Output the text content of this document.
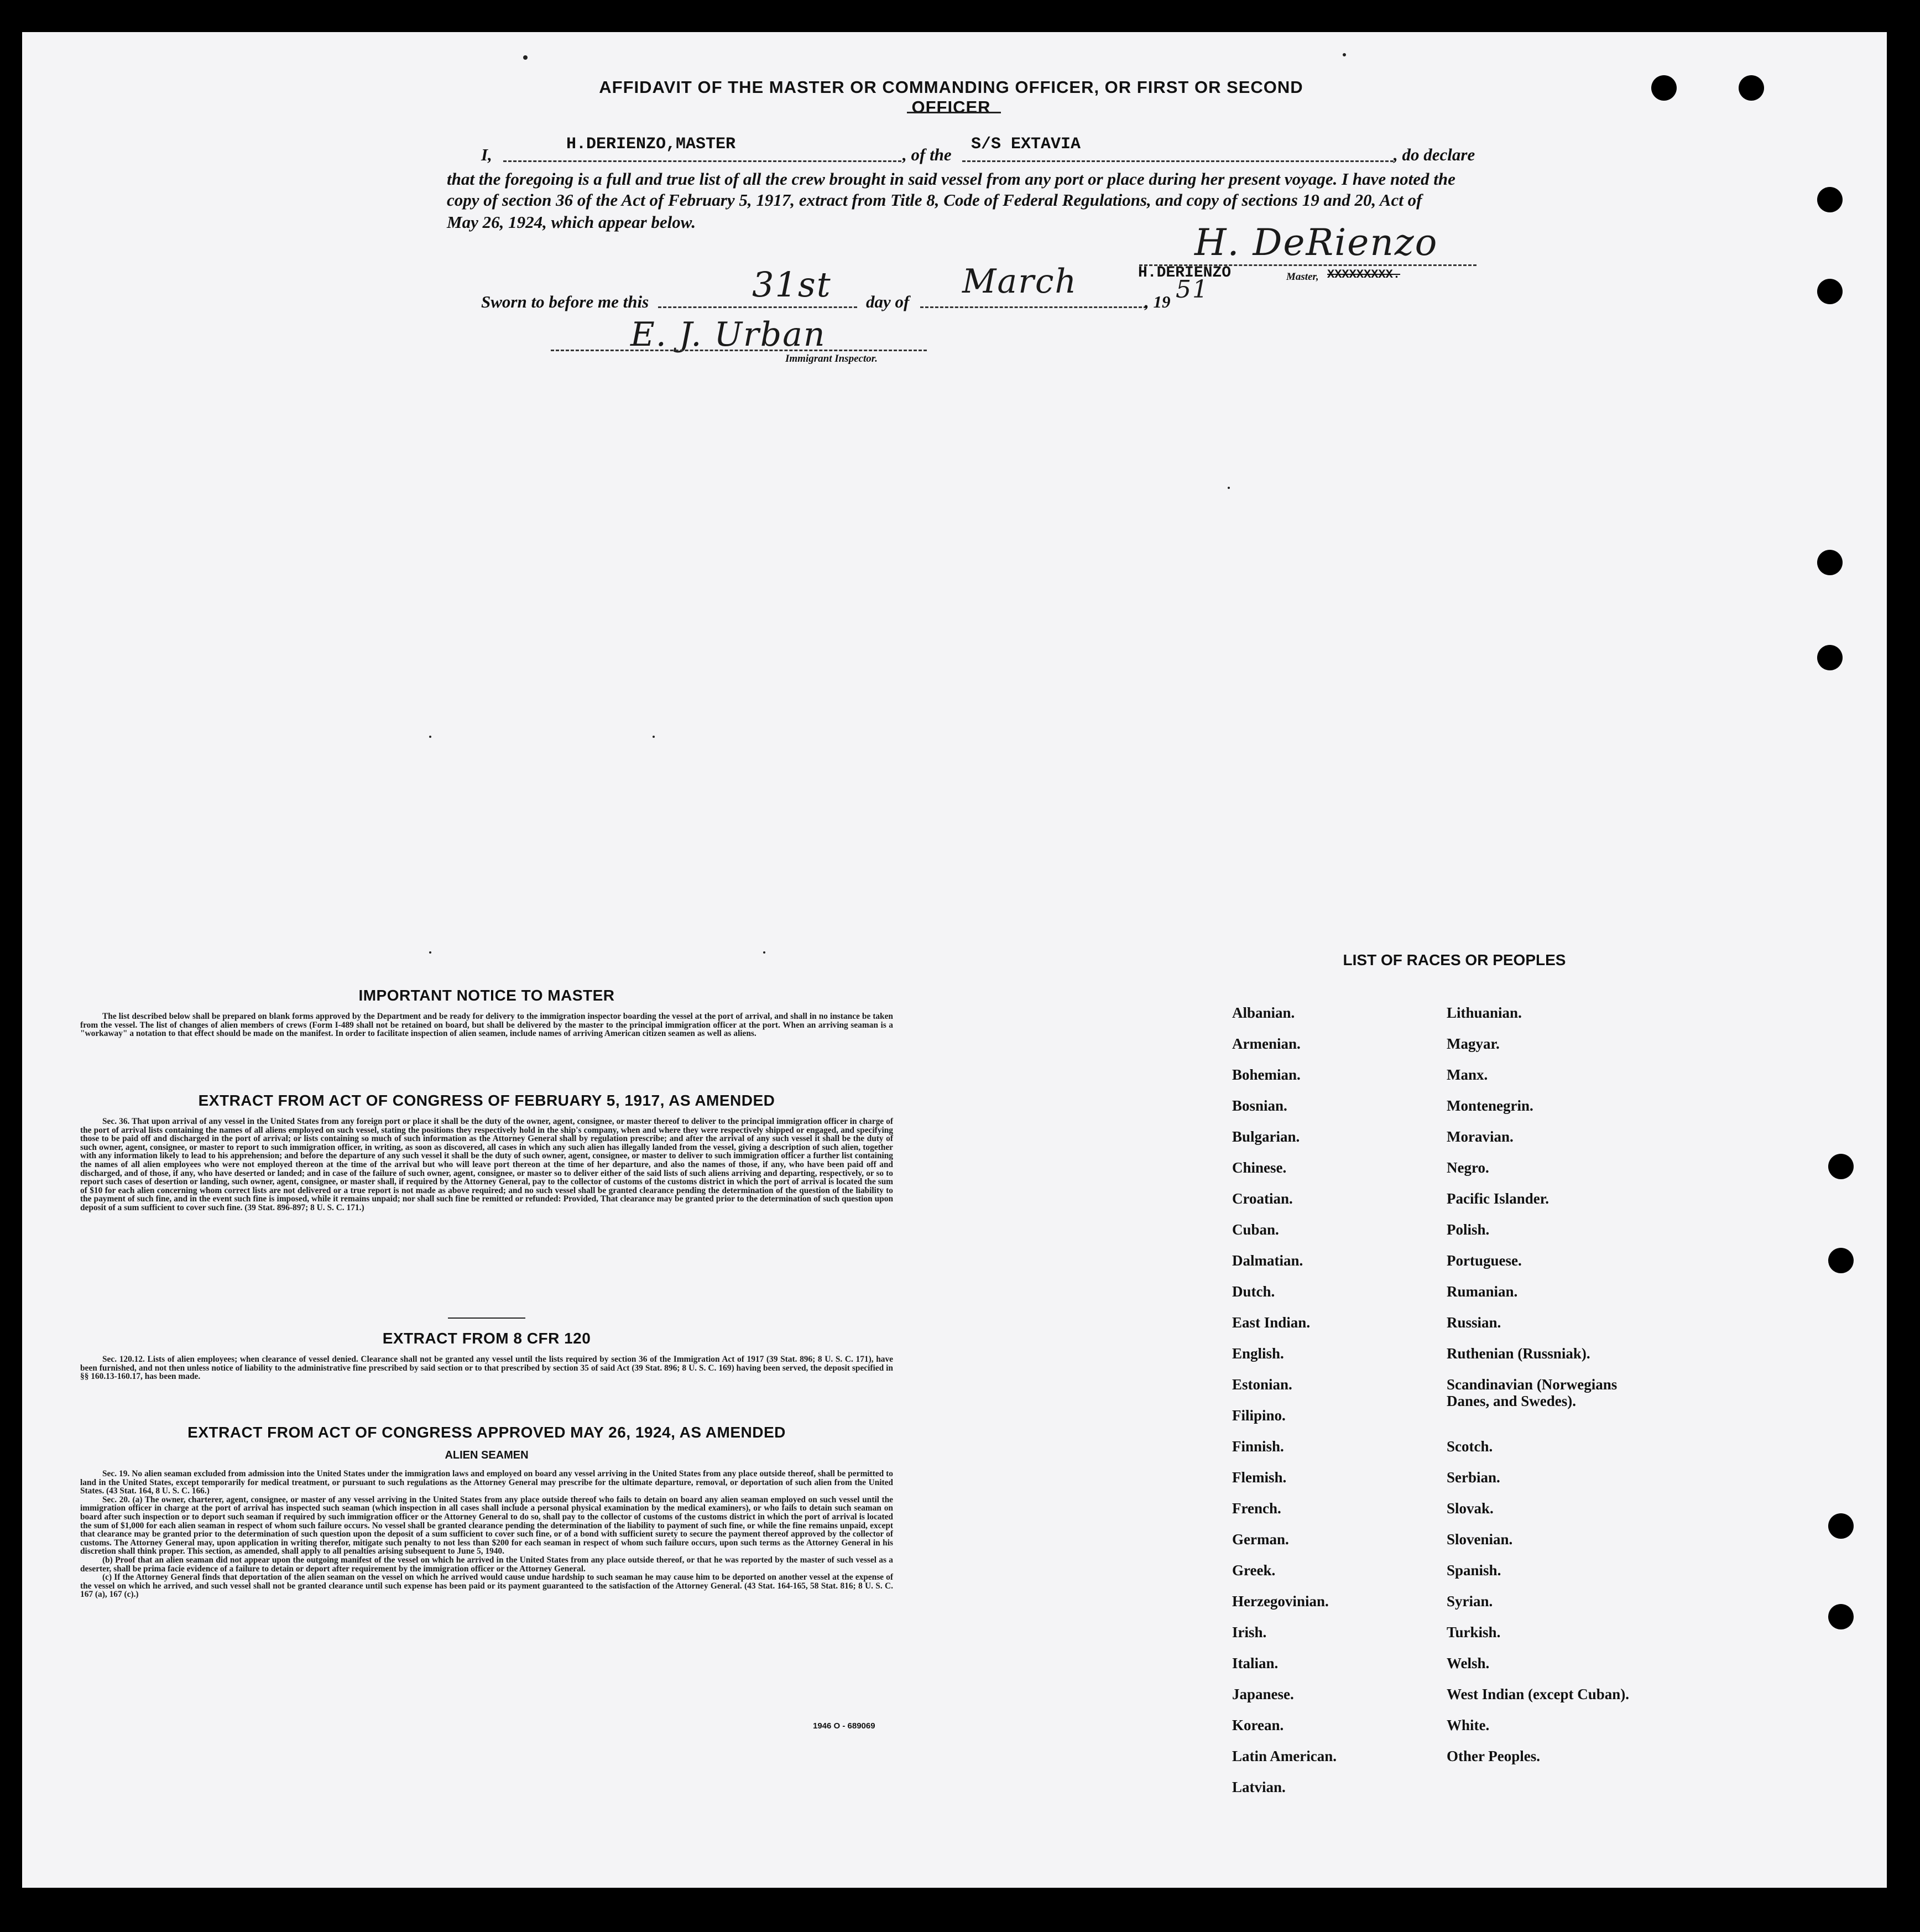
AFFIDAVIT OF THE MASTER OR COMMANDING OFFICER, OR FIRST OR SECOND OFFICER
I,
H.DERIENZO,MASTER
, of the
S/S EXTAVIA
, do declare
that the foregoing is a full and true list of all the crew brought in said vessel from any port or place during her present voyage. I have noted the
copy of section 36 of the Act of February 5, 1917, extract from Title 8, Code of Federal Regulations, and copy of sections 19 and 20, Act of
May 26, 1924, which appear below.	H. DeRienzo
H.DERIENZO	Master, XXXXXXXXX.
Sworn to before me this	31st day of
March
, 19 51
E. J. Urban
Immigrant Inspector.
IMPORTANT NOTICE TO MASTER
The list described below shall be prepared on blank forms approved by the Department and be ready for delivery to the immigration inspector boarding the vessel at the port of arrival, and shall in no instance be taken from the vessel. The list of changes of alien members of crews (Form I-489 shall not be retained on board, but shall be delivered by the master to the principal immigration officer at the port. When an arriving seaman is a "workaway" a notation to that effect should be made on the manifest. In order to facilitate inspection of alien seamen, include names of arriving American citizen seamen as well as aliens.
EXTRACT FROM ACT OF CONGRESS OF FEBRUARY 5, 1917, AS AMENDED
Sec. 36. That upon arrival of any vessel in the United States from any foreign port or place it shall be the duty of the owner, agent, consignee, or master thereof to deliver to the principal immigration officer in charge of the port of arrival lists containing the names of all aliens employed on such vessel, stating the positions they respectively hold in the ship's company, when and where they were respectively shipped or engaged, and specifying those to be paid off and discharged in the port of arrival; or lists containing so much of such information as the Attorney General shall by regulation prescribe; and after the arrival of any such vessel it shall be the duty of such owner, agent, consignee, or master to report to such immigration officer, in writing, as soon as discovered, all cases in which any such alien has illegally landed from the vessel, giving a description of such alien, together with any information likely to lead to his apprehension; and before the departure of any such vessel it shall be the duty of such owner, agent, consignee, or master to deliver to such immigration officer a further list containing the names of all alien employees who were not employed thereon at the time of the arrival but who will leave port thereon at the time of her departure, and also the names of those, if any, who have been paid off and discharged, and of those, if any, who have deserted or landed; and in case of the failure of such owner, agent, consignee, or master so to deliver either of the said lists of such aliens arriving and departing, respectively, or so to report such cases of desertion or landing, such owner, agent, consignee, or master shall, if required by the Attorney General, pay to the collector of customs of the customs district in which the port of arrival is located the sum of $10 for each alien concerning whom correct lists are not delivered or a true report is not made as above required; and no such vessel shall be granted clearance pending the determination of the question of the liability to the payment of such fine, and in the event such fine is imposed, while it remains unpaid; nor shall such fine be remitted or refunded: Provided, That clearance may be granted prior to the determination of such question upon deposit of a sum sufficient to cover such fine. (39 Stat. 896-897; 8 U. S. C. 171.)
EXTRACT FROM 8 CFR 120
Sec. 120.12. Lists of alien employees; when clearance of vessel denied. Clearance shall not be granted any vessel until the lists required by section 36 of the Immigration Act of 1917 (39 Stat. 896; 8 U. S. C. 171), have been furnished, and not then unless notice of liability to the administrative fine prescribed by said section or to that prescribed by section 35 of said Act (39 Stat. 896; 8 U. S. C. 169) having been served, the deposit specified in §§ 160.13-160.17, has been made.
EXTRACT FROM ACT OF CONGRESS APPROVED MAY 26, 1924, AS AMENDED
ALIEN SEAMEN
Sec. 19. No alien seaman excluded from admission into the United States under the immigration laws and employed on board any vessel arriving in the United States from any place outside thereof, shall be permitted to land in the United States, except temporarily for medical treatment, or pursuant to such regulations as the Attorney General may prescribe for the ultimate departure, removal, or deportation of such alien from the United States. (43 Stat. 164, 8 U. S. C. 166.)
Sec. 20. (a) The owner, charterer, agent, consignee, or master of any vessel arriving in the United States from any place outside thereof who fails to detain on board any alien seaman employed on such vessel until the immigration officer in charge at the port of arrival has inspected such seaman (which inspection in all cases shall include a personal physical examination by the medical examiners), or who fails to detain such seaman on board after such inspection or to deport such seaman if required by such immigration officer or the Attorney General to do so, shall pay to the collector of customs of the customs district in which the port of arrival is located the sum of $1,000 for each alien seaman in respect of whom such failure occurs. No vessel shall be granted clearance pending the determination of the liability to payment of such fine, or while the fine remains unpaid, except that clearance may be granted prior to the determination of such question upon the deposit of a sum sufficient to cover such fine, or of a bond with sufficient surety to secure the payment thereof approved by the collector of customs. The Attorney General may, upon application in writing therefor, mitigate such penalty to not less than $200 for each seaman in respect of whom such failure occurs, upon such terms as the Attorney General in his discretion shall think proper. This section, as amended, shall apply to all penalties arising subsequent to June 5, 1940.
(b) Proof that an alien seaman did not appear upon the outgoing manifest of the vessel on which he arrived in the United States from any place outside thereof, or that he was reported by the master of such vessel as a deserter, shall be prima facie evidence of a failure to detain or deport after requirement by the immigration officer or the Attorney General.
(c) If the Attorney General finds that deportation of the alien seaman on the vessel on which he arrived would cause undue hardship to such seaman he may cause him to be deported on another vessel at the expense of the vessel on which he arrived, and such vessel shall not be granted clearance until such expense has been paid or its payment guaranteed to the satisfaction of the Attorney General. (43 Stat. 164-165, 58 Stat. 816; 8 U. S. C. 167 (a), 167 (c).)
1946 O - 689069
LIST OF RACES OR PEOPLES
Albanian.
Armenian.
Bohemian.
Bosnian.
Bulgarian.
Chinese.
Croatian.
Cuban.
Dalmatian.
Dutch.
East Indian.
English.
Estonian.
Filipino.
Finnish.
Flemish.
French.
German.
Greek.
Herzegovinian.
Irish.
Italian.
Japanese.
Korean.
Latin American.
Latvian.
Lithuanian.
Magyar.
Manx.
Montenegrin.
Moravian.
Negro.
Pacific Islander.
Polish.
Portuguese.
Rumanian.
Russian.
Ruthenian (Russniak).
Scandinavian (Norwegians
Danes, and Swedes).
Scotch.
Serbian.
Slovak.
Slovenian.
Spanish.
Syrian.
Turkish.
Welsh.
West Indian (except Cuban).
White.
Other Peoples.
